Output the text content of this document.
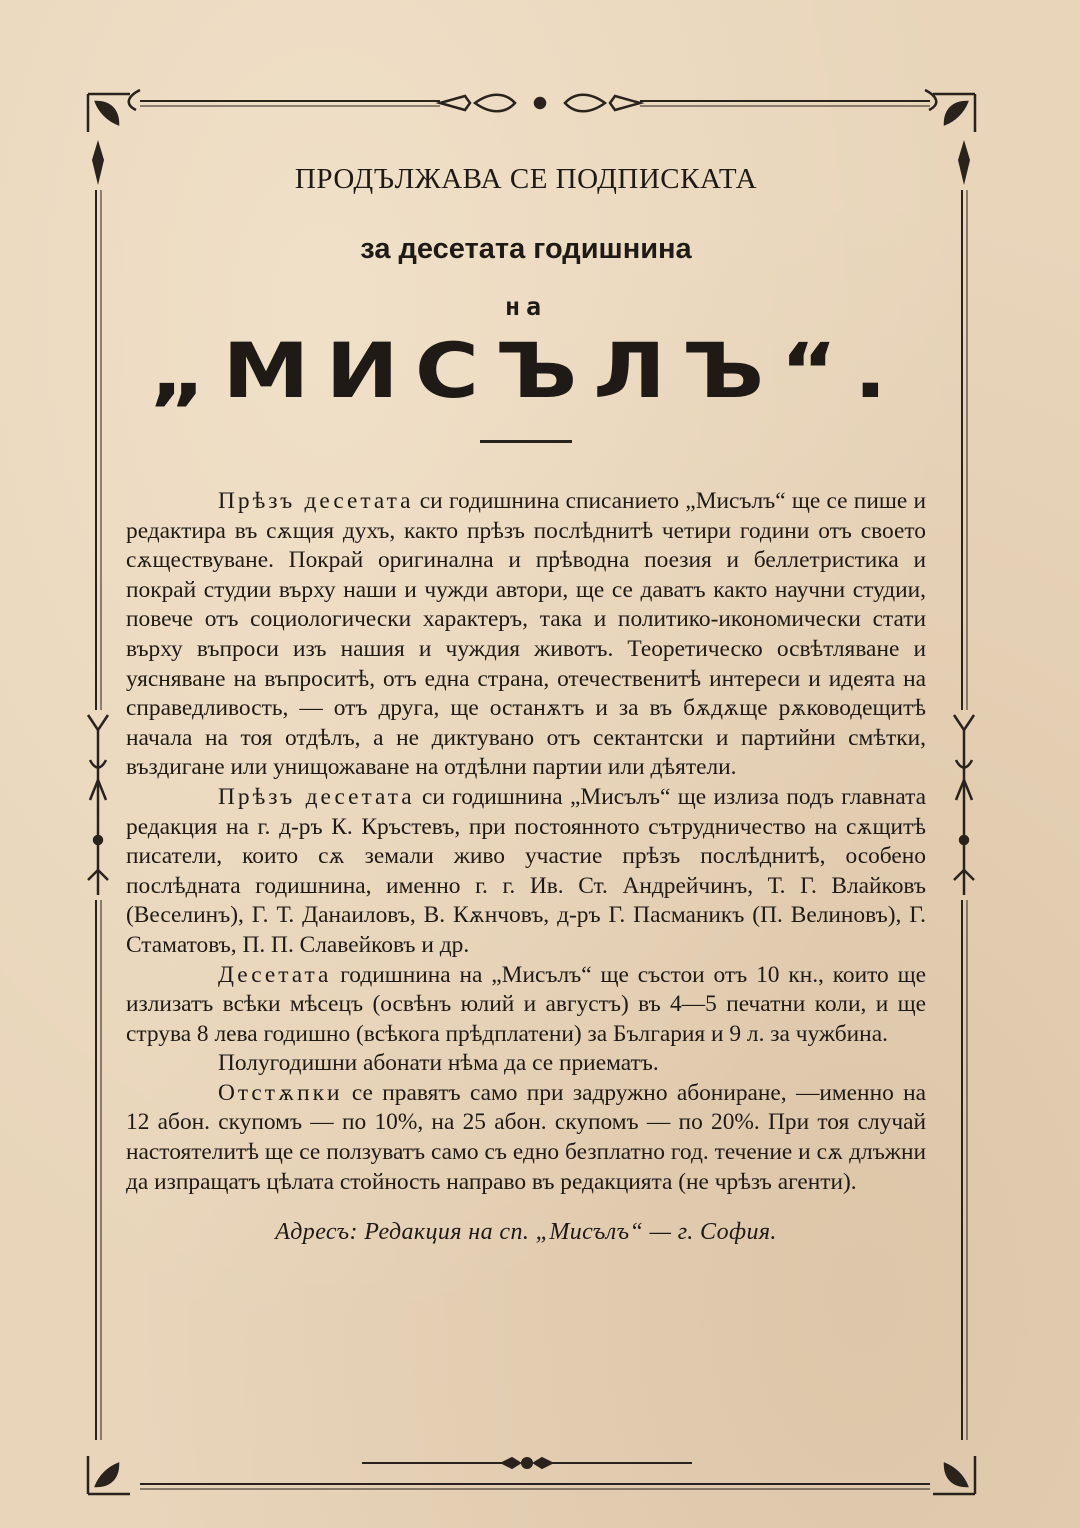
ПРОДЪЛЖАВА СЕ ПОДПИСКАТА
за десетата годишнина
на
„МИСЪЛЪ“.

Прѣзъ десетата си годишнина списанието „Мисълъ“ ще се пише и редактира въ сѫщия духъ, както прѣзъ послѣднитѣ четири години отъ своето сѫществуване. Покрай оригинална и прѣводна поезия и беллетристика и покрай студии върху наши и чужди автори, ще се даватъ както научни студии, повече отъ социологически характеръ, така и политико-икономически стати върху въпроси изъ нашия и чуждия животъ. Теоретическо освѣтляване и уясняване на въпроситѣ, отъ една страна, отечественитѣ интереси и идеята на справедливость, — отъ друга, ще останѫтъ и за въ бѫдѫще рѫководещитѣ начала на тоя отдѣлъ, а не диктувано отъ сектантски и партийни смѣтки, въздигане или унищожаване на отдѣлни партии или дѣятели.

Прѣзъ десетата си годишнина „Мисълъ“ ще излиза подъ главната редакция на г. д-ръ К. Кръстевъ, при постоянното сътрудничество на сѫщитѣ писатели, които сѫ земали живо участие прѣзъ послѣднитѣ, особено послѣдната годишнина, именно г. г. Ив. Ст. Андрейчинъ, Т. Г. Влайковъ (Веселинъ), Г. Т. Данаиловъ, В. Кѫнчовъ, д-ръ Г. Пасманикъ (П. Велиновъ), Г. Стаматовъ, П. П. Славейковъ и др.

Десетата годишнина на „Мисълъ“ ще състои отъ 10 кн., които ще излизатъ всѣки мѣсецъ (освѣнъ юлий и августъ) въ 4—5 печатни коли, и ще струва 8 лева годишно (всѣкога прѣдплатени) за България и 9 л. за чужбина.

Полугодишни абонати нѣма да се приематъ.

Отстѫпки се правятъ само при задружно абониране, —именно на 12 абон. скупомъ — по 10%, на 25 абон. скупомъ — по 20%. При тоя случай настоятелитѣ ще се ползуватъ само съ едно безплатно год. течение и сѫ длъжни да изпращатъ цѣлата стойность направо въ редакцията (не чрѣзъ агенти).

Адресъ: Редакция на сп. „Мисълъ“ — г. София.
